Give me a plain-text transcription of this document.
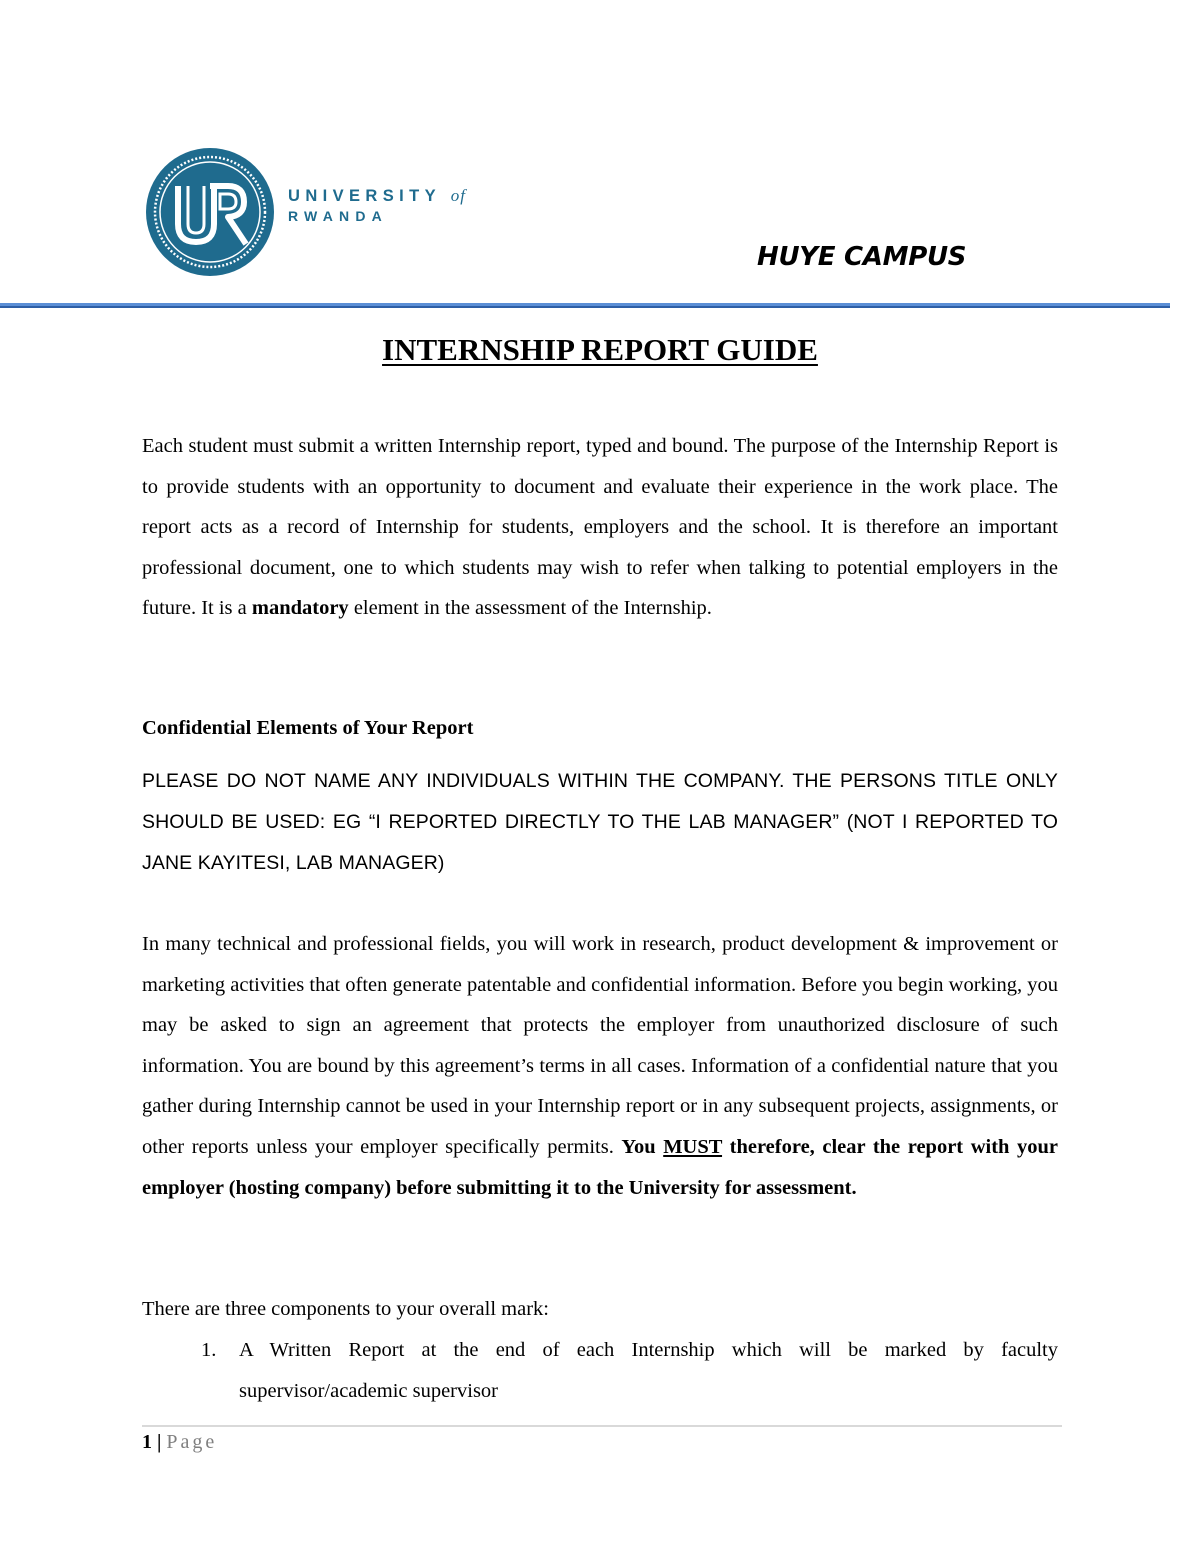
UNIVERSITY of
RWANDA
HUYE CAMPUS
INTERNSHIP REPORT GUIDE

Each student must submit a written Internship report, typed and bound. The purpose of the Internship Report is to provide students with an opportunity to document and evaluate their experience in the work place. The report acts as a record of Internship for students, employers and the school. It is therefore an important professional document, one to which students may wish to refer when talking to potential employers in the future. It is a mandatory element in the assessment of the Internship.

Confidential Elements of Your Report

PLEASE DO NOT NAME ANY INDIVIDUALS WITHIN THE COMPANY. THE PERSONS TITLE ONLY SHOULD BE USED: EG “I REPORTED DIRECTLY TO THE LAB MANAGER” (NOT I REPORTED TO JANE KAYITESI, LAB MANAGER)

In many technical and professional fields, you will work in research, product development & improvement or marketing activities that often generate patentable and confidential information. Before you begin working, you may be asked to sign an agreement that protects the employer from unauthorized disclosure of such information. You are bound by this agreement’s terms in all cases. Information of a confidential nature that you gather during Internship cannot be used in your Internship report or in any subsequent projects, assignments, or other reports unless your employer specifically permits. You MUST therefore, clear the report with your employer (hosting company) before submitting it to the University for assessment.

There are three components to your overall mark:

1.	A Written Report at the end of each Internship which will be marked by faculty supervisor/academic supervisor
1 | Page
